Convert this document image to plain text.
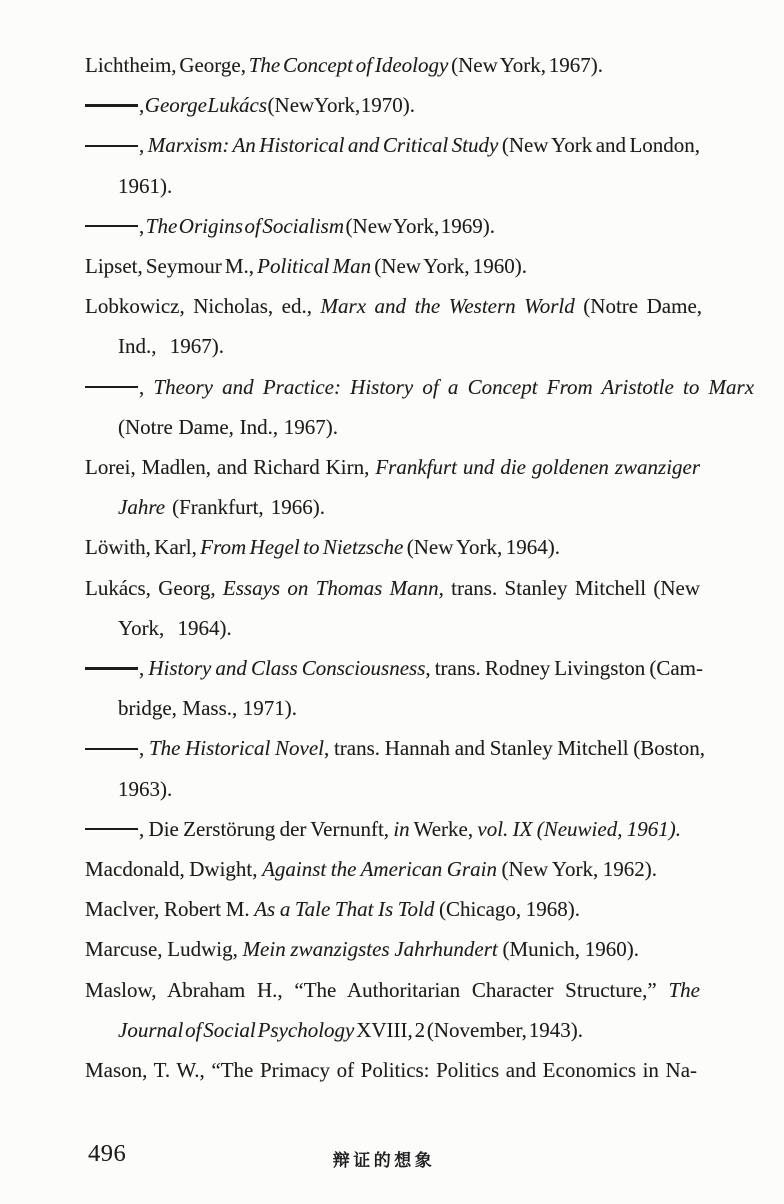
Lichtheim, George, The Concept of Ideology (New York, 1967).

, George Lukács (New York, 1970).

, Marxism: An Historical and Critical Study (New York and London,
1961).

, The Origins of Socialism (New York, 1969).

Lipset, Seymour M., Political Man (New York, 1960).

Lobkowicz, Nicholas, ed., Marx and the Western World (Notre Dame,
Ind., 1967).

, Theory and Practice: History of a Concept From Aristotle to Marx
(Notre Dame, Ind., 1967).

Lorei, Madlen, and Richard Kirn, Frankfurt und die goldenen zwanziger
Jahre (Frankfurt, 1966).

Löwith, Karl, From Hegel to Nietzsche (New York, 1964).

Lukács, Georg, Essays on Thomas Mann, trans. Stanley Mitchell (New
York, 1964).

, History and Class Consciousness, trans. Rodney Livingston (Cam-
bridge, Mass., 1971).

, The Historical Novel, trans. Hannah and Stanley Mitchell (Boston,
1963).

, Die Zerstörung der Vernunft, in Werke, vol. IX (Neuwied, 1961).

Macdonald, Dwight, Against the American Grain (New York, 1962).

Maclver, Robert M. As a Tale That Is Told (Chicago, 1968).

Marcuse, Ludwig, Mein zwanzigstes Jahrhundert (Munich, 1960).

Maslow, Abraham H., “The Authoritarian Character Structure,” The
Journal of Social Psychology XVIII, 2 (November, 1943).

Mason, T. W., “The Primacy of Politics: Politics and Economics in Na-

496	辩证的想象
